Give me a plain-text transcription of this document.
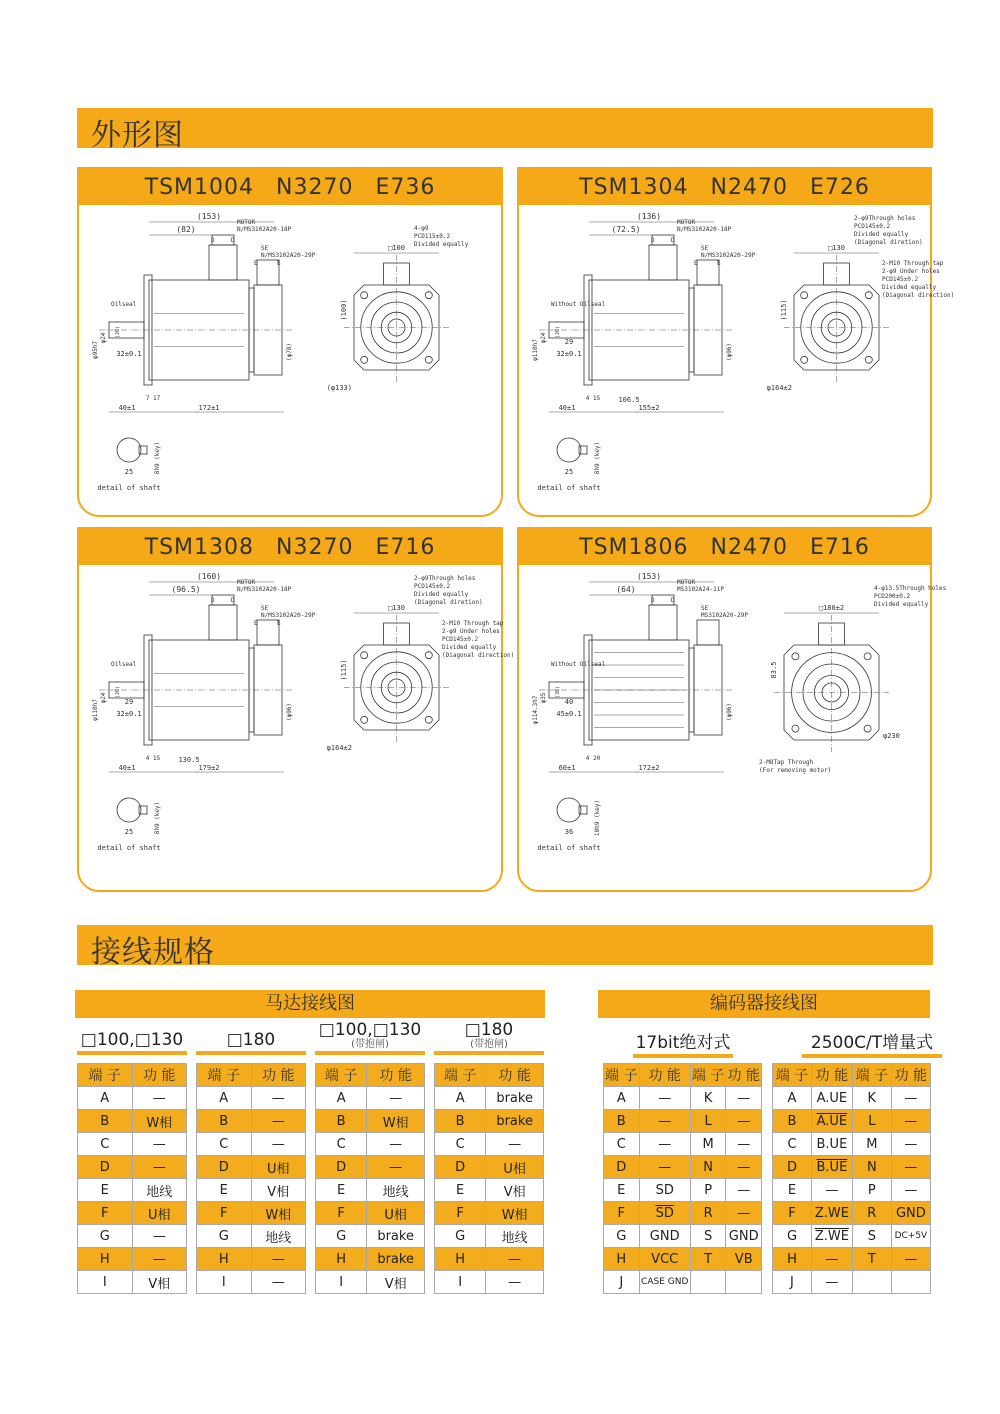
外形图
TSM1004 N3270 E736
(153)
(82)
MOTOR
N/MS3102A20-18P
SE
N/MS3102A20-29P
D	D
E	E
40±1	172±1
7 17
32±0.1
Oilseal
φ95h7
φ24 (20)
(φ78)
□100
(100)
(φ133)
4-φ9
PCD115±0.2
Divided equally
8h9 (key)
25
detail of shaft
TSM1304 N2470 E726
(136)
(72.5)
MOTOR
N/MS3102A20-18P
SE
N/MS3102A20-29P
D	D
E	E
40±1	155±2
106.5
4 15
32±0.1
29
Without Oilseal
φ110h7
φ24 (20)
(φ96)
□130
(115)
φ164±2
2-φ9Through holes
PCD145±0.2
Divided equally
(Diagonal diretion)
2-M10 Through tap
2-φ9 Under holes
PCD145±0.2
Divided equally
(Diagonal direction)
8h9 (key)
25
detail of shaft
TSM1308 N3270 E716
(160)
(96.5)
MOTOR
N/MS3102A20-18P
SE
N/MS3102A20-29P
D	D
E	E
40±1	179±2
130.5
4 15
32±0.1
29
Oilseal
φ110h7
φ24 (20)
(φ96)
□130
(115)
φ164±2
2-φ9Through holes
PCD145±0.2
Divided equally
(Diagonal diretion)
2-M10 Through tap
2-φ9 Under holes
PCD145±0.2
Divided equally
(Diagonal direction)
8h9 (key)
25
detail of shaft
TSM1806 N2470 E716
(153)
(64)
MOTOR
MS3102A24-11P
SE
MS3102A20-29P
D	D
60±1	172±2
4 20
45±0.1
40
Without Oilseal
φ114.3h7 φ35 (30)
(φ96)
□180±2
83.5
φ230
4-φ13.5Through holes
PCD200±0.2
Divided equally
2-M8Tap Through
(For removing motor)
10h9 (key)
36
detail of shaft
接线规格
马达接线图	编码器接线图
□100,□130
端 子	功 能
A	—
B	W相
C	—
D	—
E	地线
F	U相
G	—
H	—
I	V相
□180
端 子	功 能
A	—
B	—
C	—
D	U相
E	V相
F	W相
G	地线
H	—
I	—
□100,□130
(带抱闸)
端 子	功 能
A	—
B	W相
C	—
D	—
E	地线
F	U相
G	brake
H	brake
I	V相
□180
(带抱闸)
端 子	功 能
A	brake
B	brake
C	—
D	U相
E	V相
F	W相
G	地线
H	—
I	—
17bit绝对式
端 子	功 能	端 子	功 能
A	—	K	—
B	—	L	—
C	—	M	—
D	—	N	—
E	SD	P	—
F	$\overline{SD}$	R	—
G	GND	S	GND
H	VCC	T	VB
J	CASE GND		
2500C/T增量式
端 子	功 能	端 子	功 能
A	A.UE	K	—
B	A.UE	L	—
C	B.UE	M	—
D	B.UE	N	—
E	—	P	—
F	Z.WE	R	GND
G	Z.WE	S	DC+5V
H	—	T	—
J	—		
